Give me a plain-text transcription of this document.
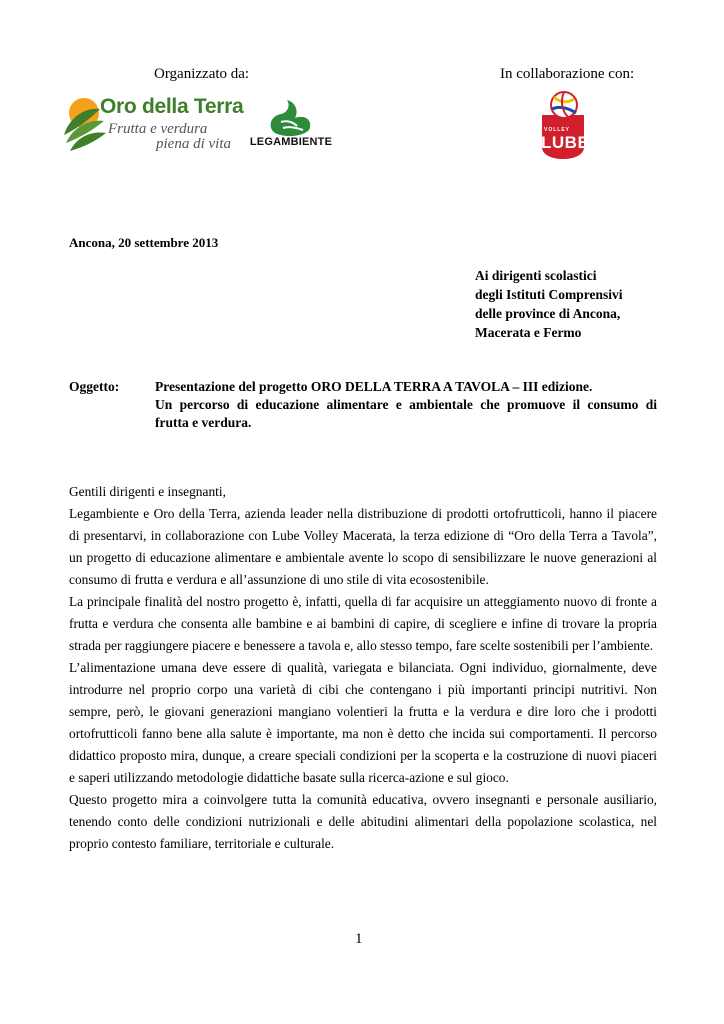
Organizzato da:	In collaborazione con:
Oro della Terra
Frutta e verdura
piena di vita LEGAMBIENTE
VOLLEY
LUBE
Ancona, 20 settembre 2013
Ai dirigenti scolastici
degli Istituti Comprensivi
delle province di Ancona,
Macerata e Fermo
Oggetto:	Presentazione del progetto ORO DELLA TERRA A TAVOLA – III edizione.
Un percorso di educazione alimentare e ambientale che promuove il consumo di
frutta e verdura.
Gentili dirigenti e insegnanti,
Legambiente e Oro della Terra, azienda leader nella distribuzione di prodotti ortofrutticoli, hanno il piacere
di presentarvi, in collaborazione con Lube Volley Macerata, la terza edizione di “Oro della Terra a Tavola”,
un progetto di educazione alimentare e ambientale avente lo scopo di sensibilizzare le nuove generazioni al
consumo di frutta e verdura e all’assunzione di uno stile di vita ecosostenibile.
La principale finalità del nostro progetto è, infatti, quella di far acquisire un atteggiamento nuovo di fronte a
frutta e verdura che consenta alle bambine e ai bambini di capire, di scegliere e infine di trovare la propria
strada per raggiungere piacere e benessere a tavola e, allo stesso tempo, fare scelte sostenibili per l’ambiente.
L’alimentazione umana deve essere di qualità, variegata e bilanciata. Ogni individuo, giornalmente, deve
introdurre nel proprio corpo una varietà di cibi che contengano i più importanti principi nutritivi. Non
sempre, però, le giovani generazioni mangiano volentieri la frutta e la verdura e dire loro che i prodotti
ortofrutticoli fanno bene alla salute è importante, ma non è detto che incida sui comportamenti. Il percorso
didattico proposto mira, dunque, a creare speciali condizioni per la scoperta e la costruzione di nuovi piaceri
e saperi utilizzando metodologie didattiche basate sulla ricerca-azione e sul gioco.
Questo progetto mira a coinvolgere tutta la comunità educativa, ovvero insegnanti e personale ausiliario,
tenendo conto delle condizioni nutrizionali e delle abitudini alimentari della popolazione scolastica, nel
proprio contesto familiare, territoriale e culturale.
1
